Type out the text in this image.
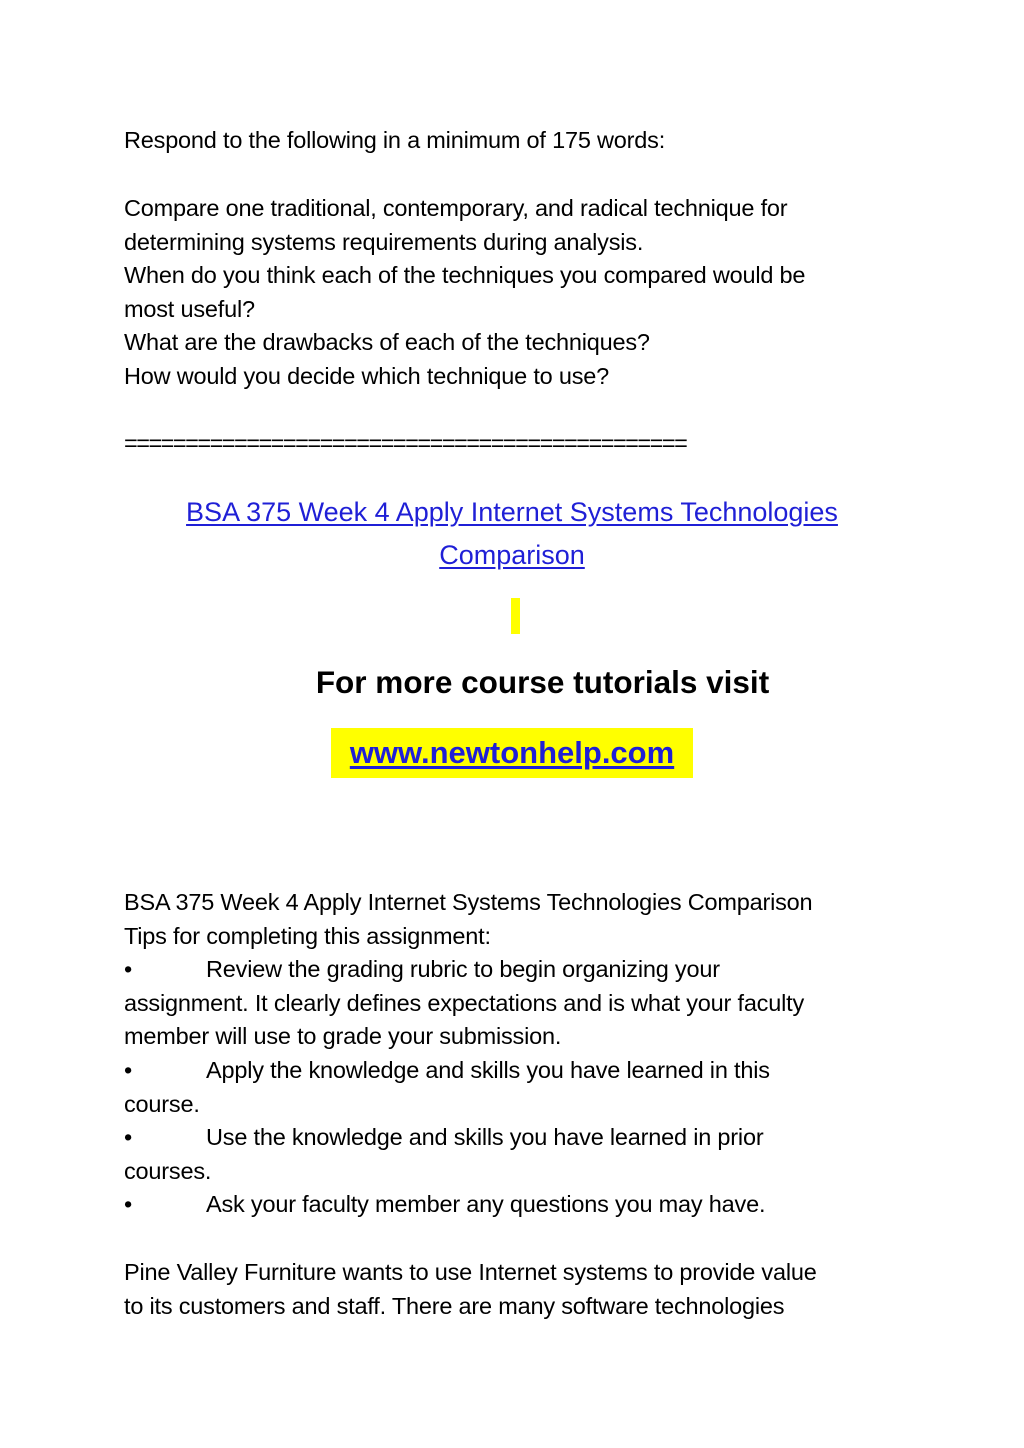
Respond to the following in a minimum of 175 words:
Compare one traditional, contemporary, and radical technique for
determining systems requirements during analysis.
When do you think each of the techniques you compared would be
most useful?
What are the drawbacks of each of the techniques?
How would you decide which technique to use?
==============================================
BSA 375 Week 4 Apply Internet Systems Technologies
Comparison
For more course tutorials visit
www.newtonhelp.com
BSA 375 Week 4 Apply Internet Systems Technologies Comparison
Tips for completing this assignment:
•	Review the grading rubric to begin organizing your
assignment. It clearly defines expectations and is what your faculty
member will use to grade your submission.
•	Apply the knowledge and skills you have learned in this
course.
•	Use the knowledge and skills you have learned in prior
courses.
•	Ask your faculty member any questions you may have.
Pine Valley Furniture wants to use Internet systems to provide value
to its customers and staff. There are many software technologies
